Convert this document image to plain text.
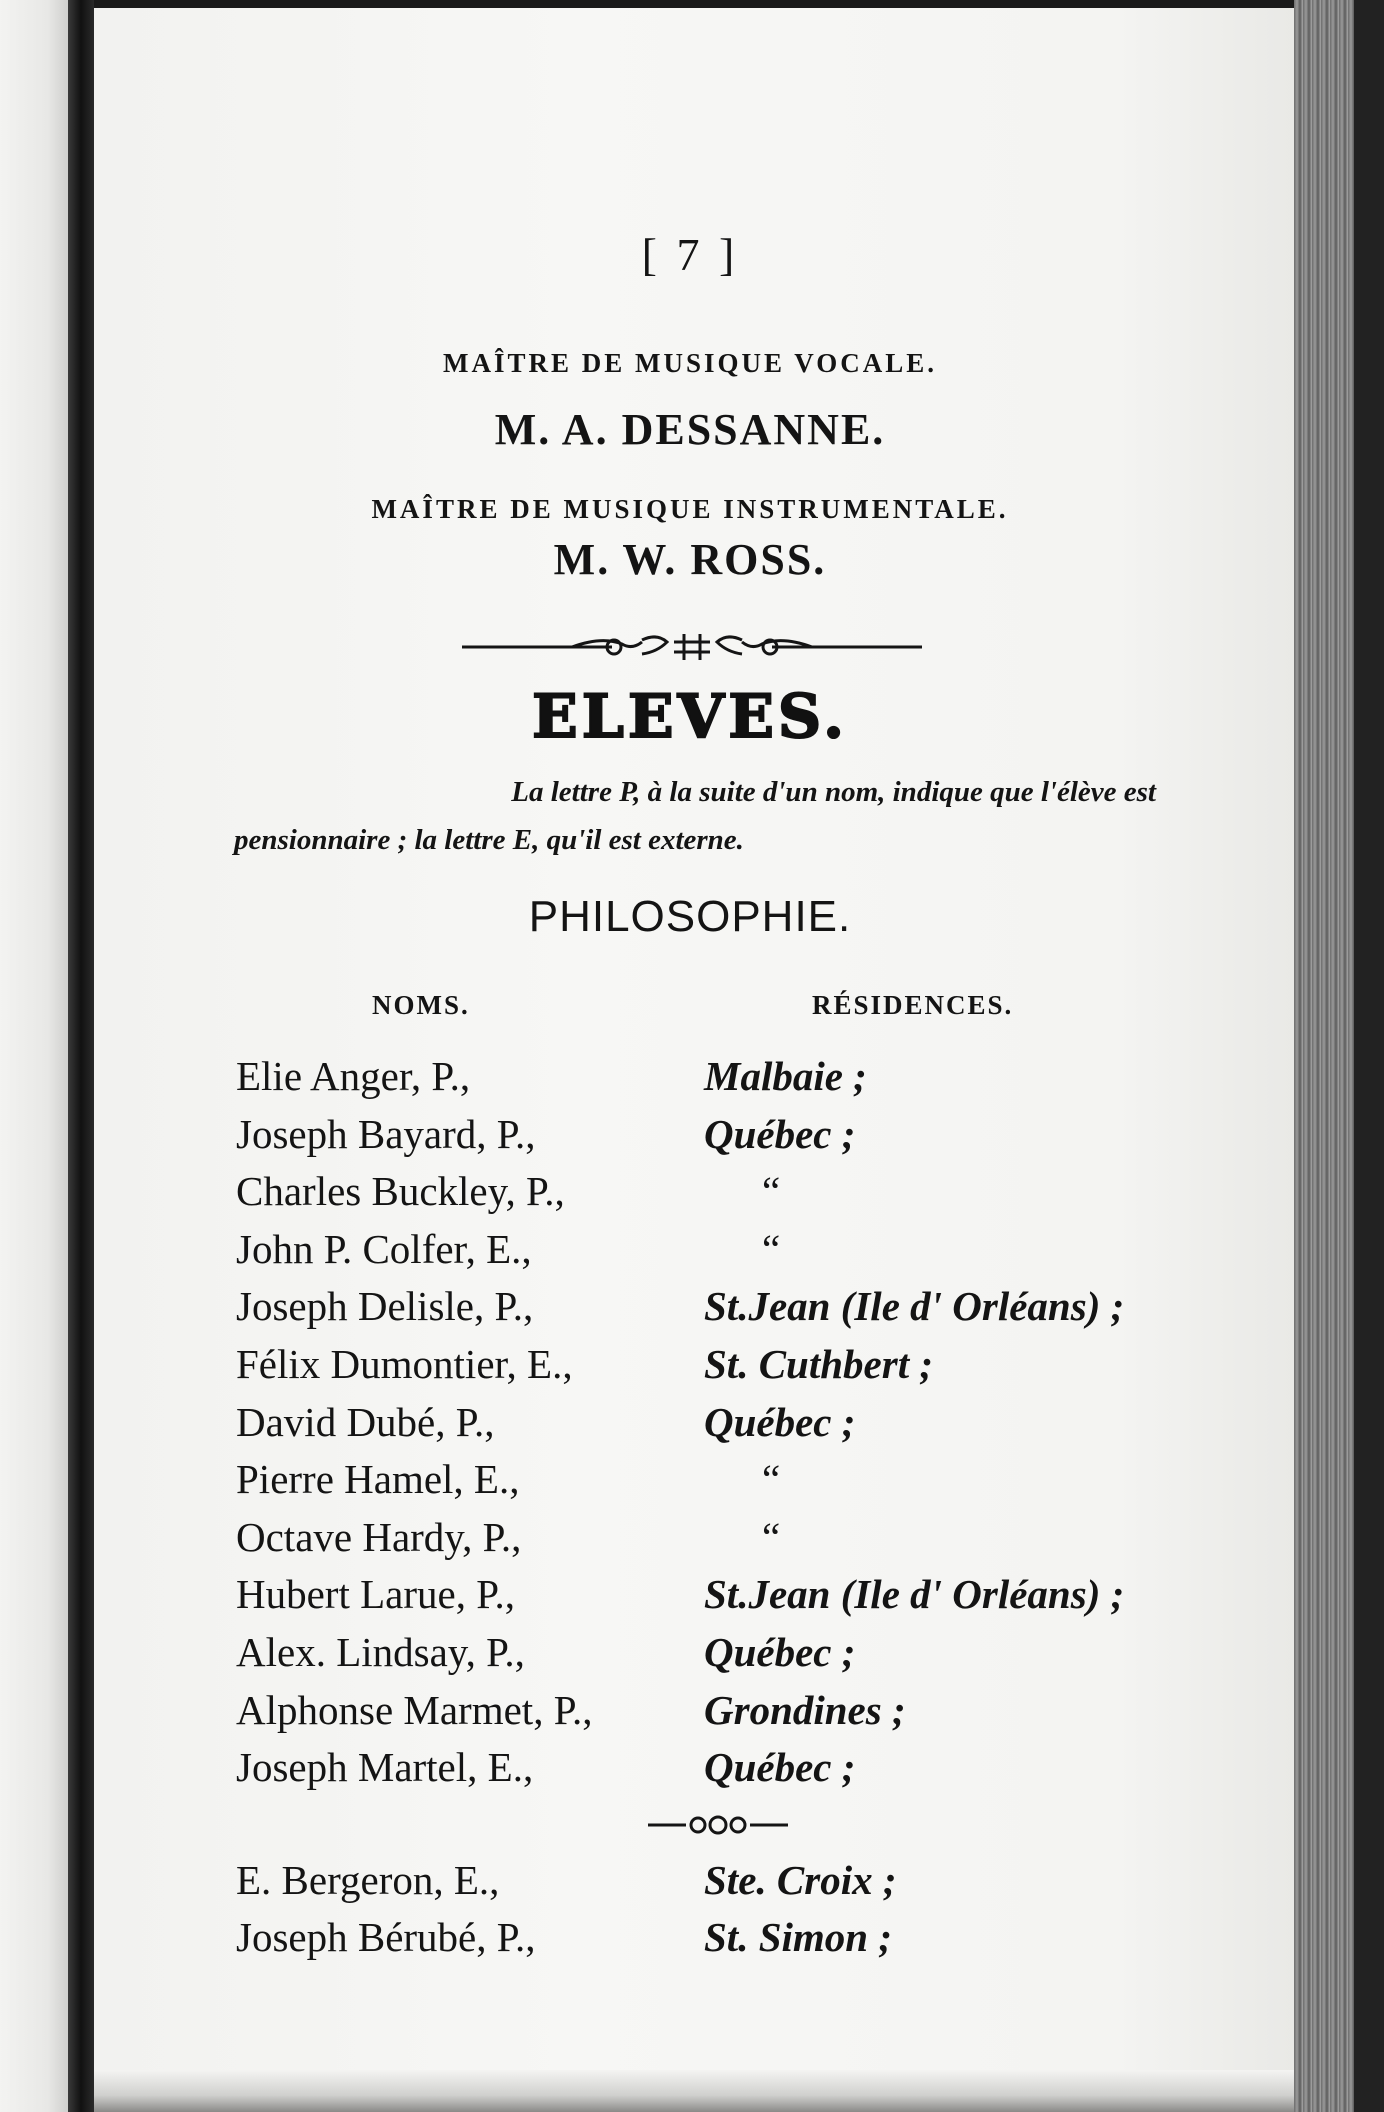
[ 7 ]
MAÎTRE DE MUSIQUE VOCALE.
M. A. DESSANNE.
MAÎTRE DE MUSIQUE INSTRUMENTALE.
M. W. ROSS.
ELEVES.
La lettre P, à la suite d'un nom, indique que l'élève est
pensionnaire ; la lettre E, qu'il est externe.
PHILOSOPHIE.
NOMS.	RÉSIDENCES.
Elie Anger, P.,	Malbaie ;
Joseph Bayard, P.,	Québec ;
Charles Buckley, P.,	“
John P. Colfer, E.,	“
Joseph Delisle, P.,	St.Jean (Ile d' Orléans) ;
Félix Dumontier, E.,	St. Cuthbert ;
David Dubé, P.,	Québec ;
Pierre Hamel, E.,	“
Octave Hardy, P.,	“
Hubert Larue, P.,	St.Jean (Ile d' Orléans) ;
Alex. Lindsay, P.,	Québec ;
Alphonse Marmet, P.,	Grondines ;
Joseph Martel, E.,	Québec ;
E. Bergeron, E.,	Ste. Croix ;
Joseph Bérubé, P.,	St. Simon ;
